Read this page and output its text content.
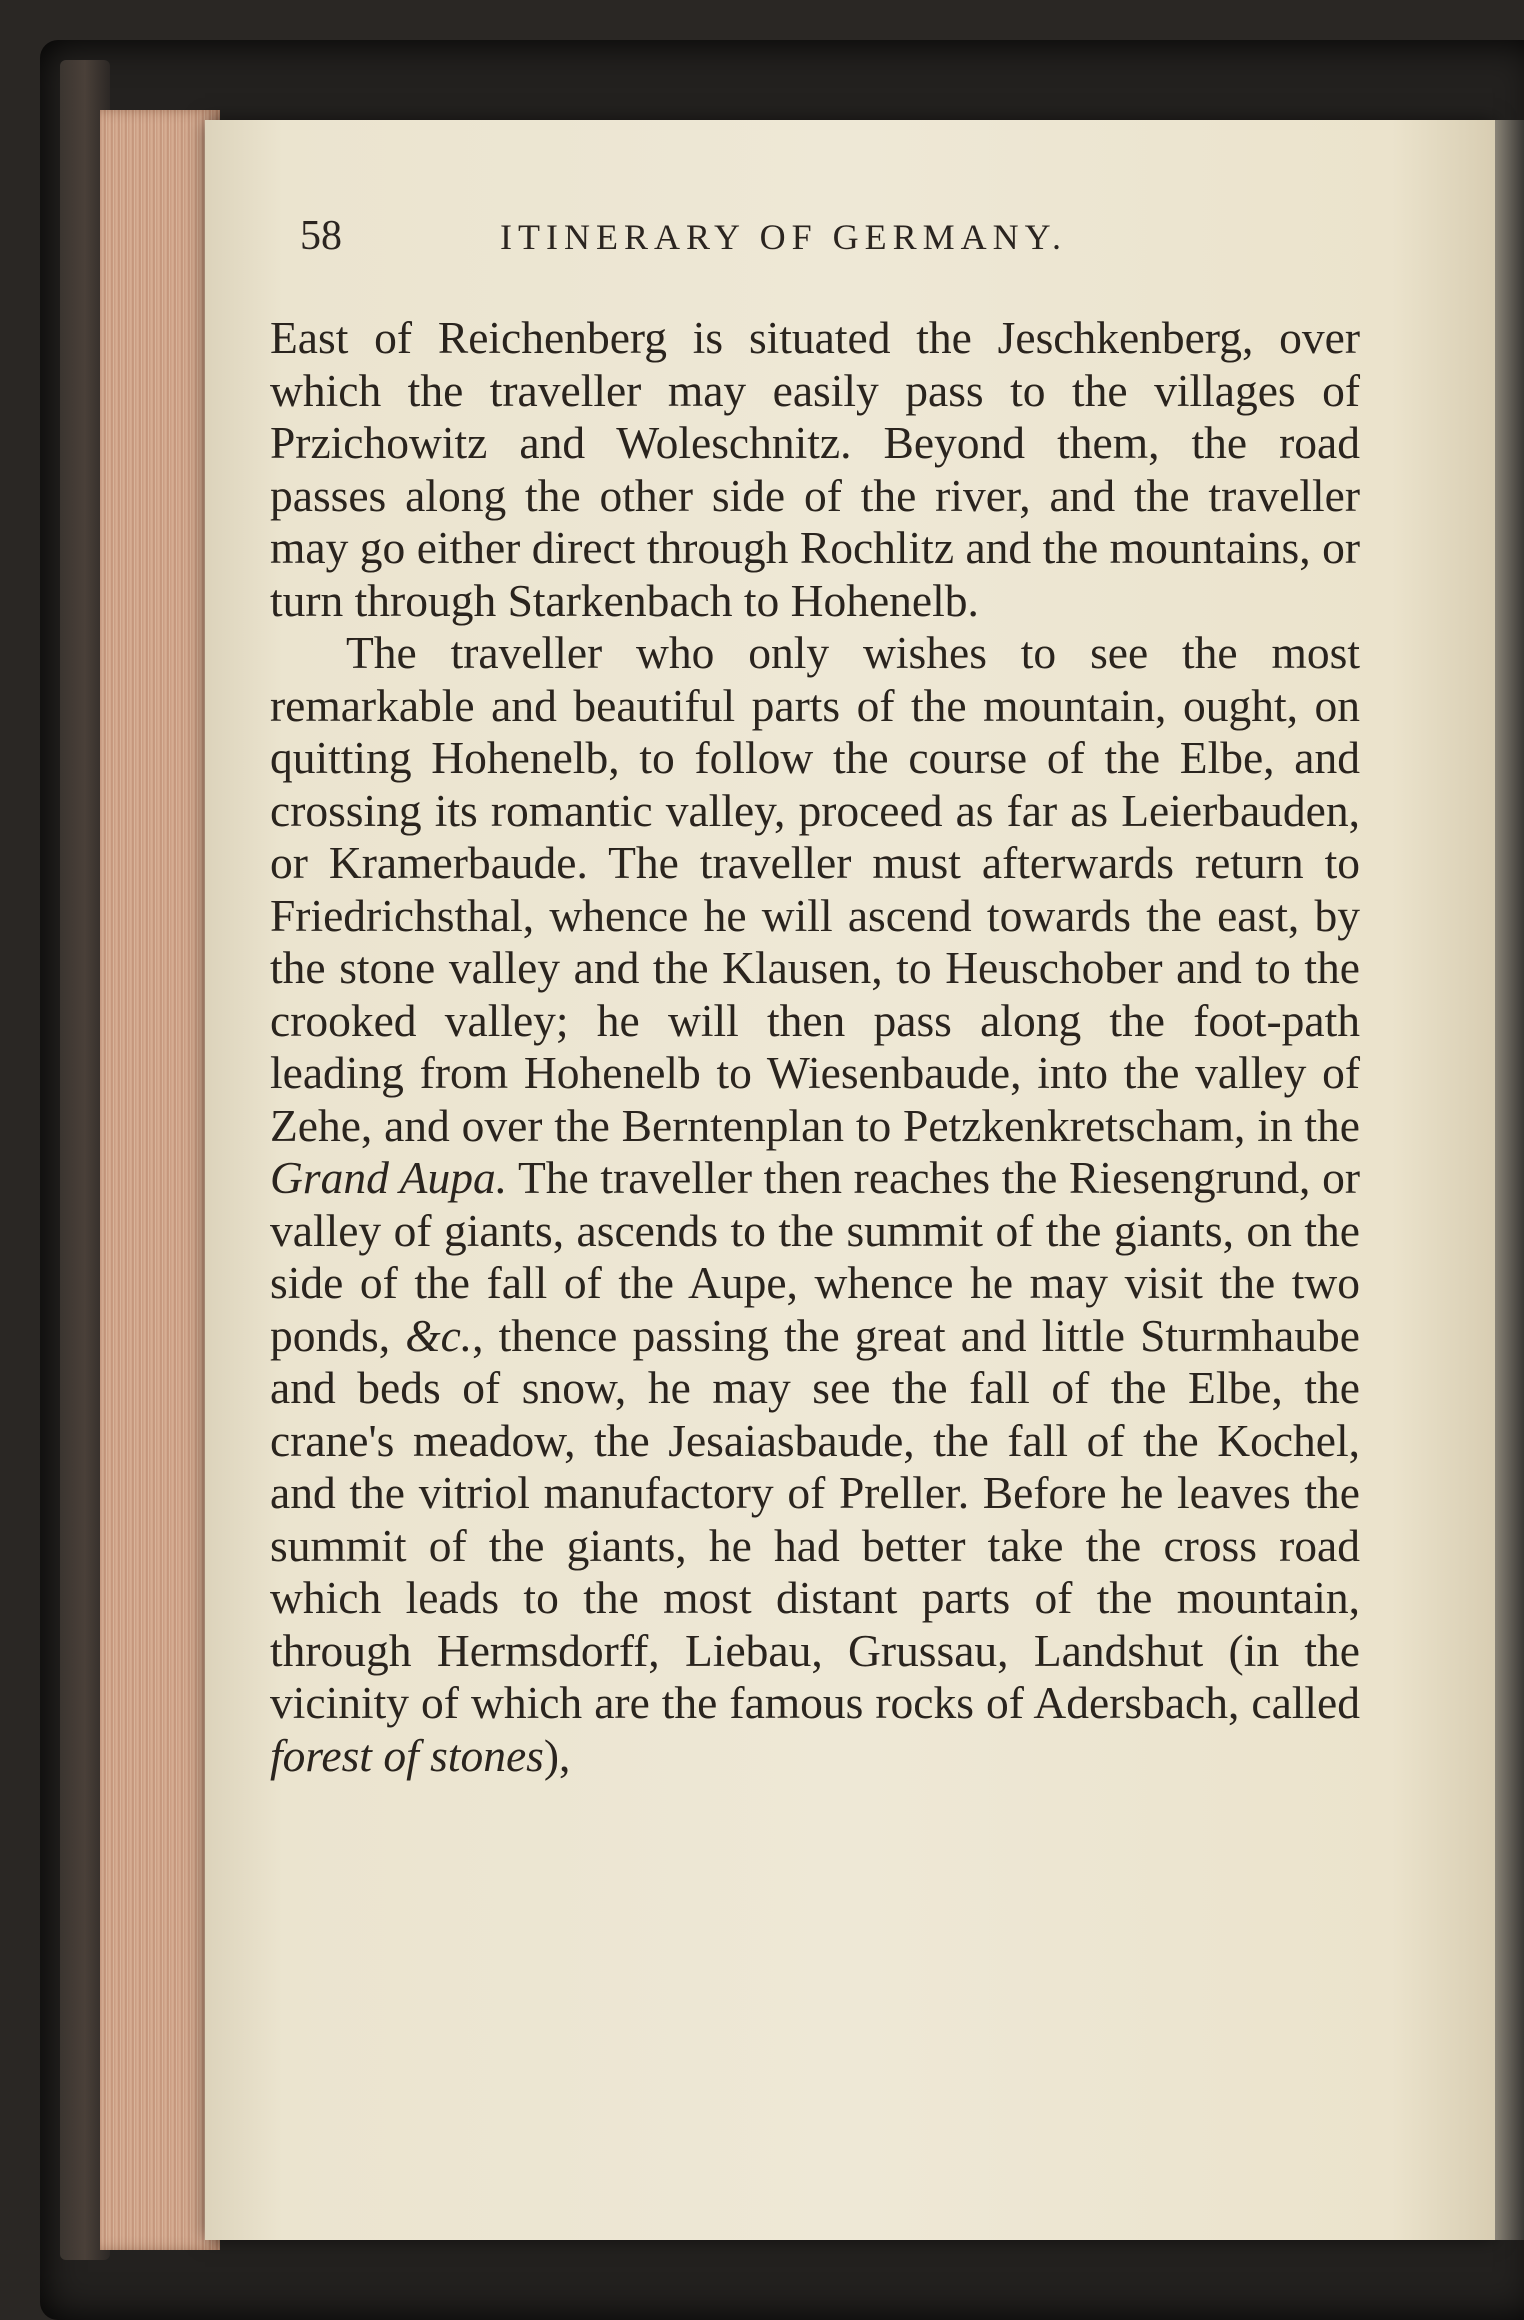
58	ITINERARY OF GERMANY.

East of Reichenberg is situated the Jeschkenberg, over which the traveller may easily pass to the villages of Przichowitz and Woleschnitz. Beyond them, the road passes along the other side of the river, and the traveller may go either direct through Rochlitz and the mountains, or turn through Starkenbach to Hohenelb.

The traveller who only wishes to see the most remarkable and beautiful parts of the mountain, ought, on quitting Hohenelb, to follow the course of the Elbe, and crossing its romantic valley, proceed as far as Leierbauden, or Kramerbaude. The traveller must afterwards return to Friedrichsthal, whence he will ascend towards the east, by the stone valley and the Klausen, to Heuschober and to the crooked valley; he will then pass along the foot-path leading from Hohenelb to Wiesenbaude, into the valley of Zehe, and over the Berntenplan to Petzkenkretscham, in the Grand Aupa. The traveller then reaches the Riesengrund, or valley of giants, ascends to the summit of the giants, on the side of the fall of the Aupe, whence he may visit the two ponds, &c., thence passing the great and little Sturmhaube and beds of snow, he may see the fall of the Elbe, the crane's meadow, the Jesaiasbaude, the fall of the Kochel, and the vitriol manufactory of Preller. Before he leaves the summit of the giants, he had better take the cross road which leads to the most distant parts of the mountain, through Hermsdorff, Liebau, Grussau, Landshut (in the vicinity of which are the famous rocks of Adersbach, called forest of stones),
